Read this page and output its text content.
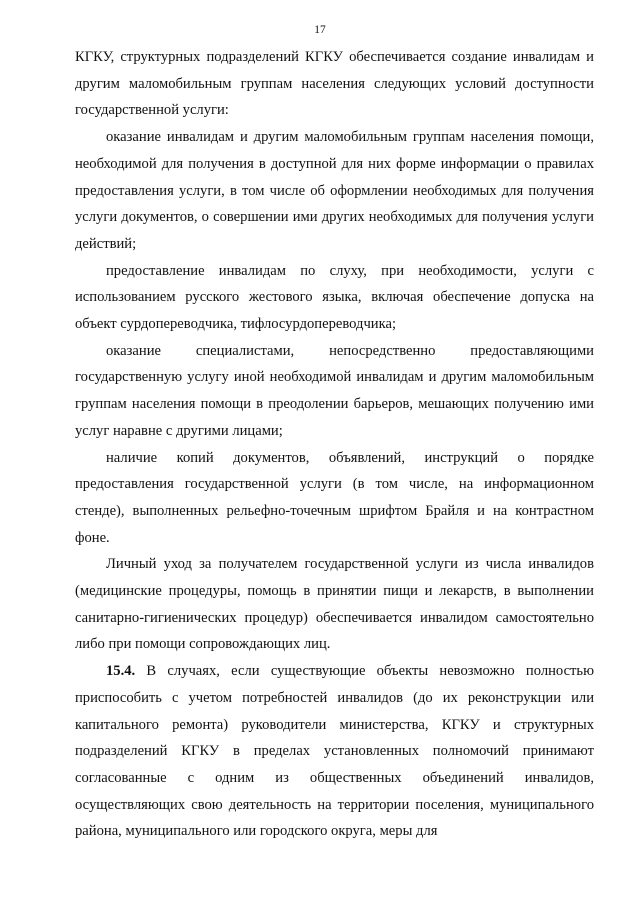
17

КГКУ, структурных подразделений КГКУ обеспечивается создание инвалидам и другим маломобильным группам населения следующих условий доступности государственной услуги:

оказание инвалидам и другим маломобильным группам населения помощи, необходимой для получения в доступной для них форме информации о правилах предоставления услуги, в том числе об оформлении необходимых для получения услуги документов, о совершении ими других необходимых для получения услуги действий;

предоставление инвалидам по слуху, при необходимости, услуги с использованием русского жестового языка, включая обеспечение допуска на объект сурдопереводчика, тифлосурдопереводчика;

оказание специалистами, непосредственно предоставляющими государственную услугу иной необходимой инвалидам и другим маломобильным группам населения помощи в преодолении барьеров, мешающих получению ими услуг наравне с другими лицами;

наличие копий документов, объявлений, инструкций о порядке предоставления государственной услуги (в том числе, на информационном стенде), выполненных рельефно-точечным шрифтом Брайля и на контрастном фоне.

Личный уход за получателем государственной услуги из числа инвалидов (медицинские процедуры, помощь в принятии пищи и лекарств, в выполнении санитарно-гигиенических процедур) обеспечивается инвалидом самостоятельно либо при помощи сопровождающих лиц.

15.4. В случаях, если существующие объекты невозможно полностью приспособить с учетом потребностей инвалидов (до их реконструкции или капитального ремонта) руководители министерства, КГКУ и структурных подразделений КГКУ в пределах установленных полномочий принимают согласованные с одним из общественных объединений инвалидов, осуществляющих свою деятельность на территории поселения, муниципального района, муниципального или городского округа, меры для
